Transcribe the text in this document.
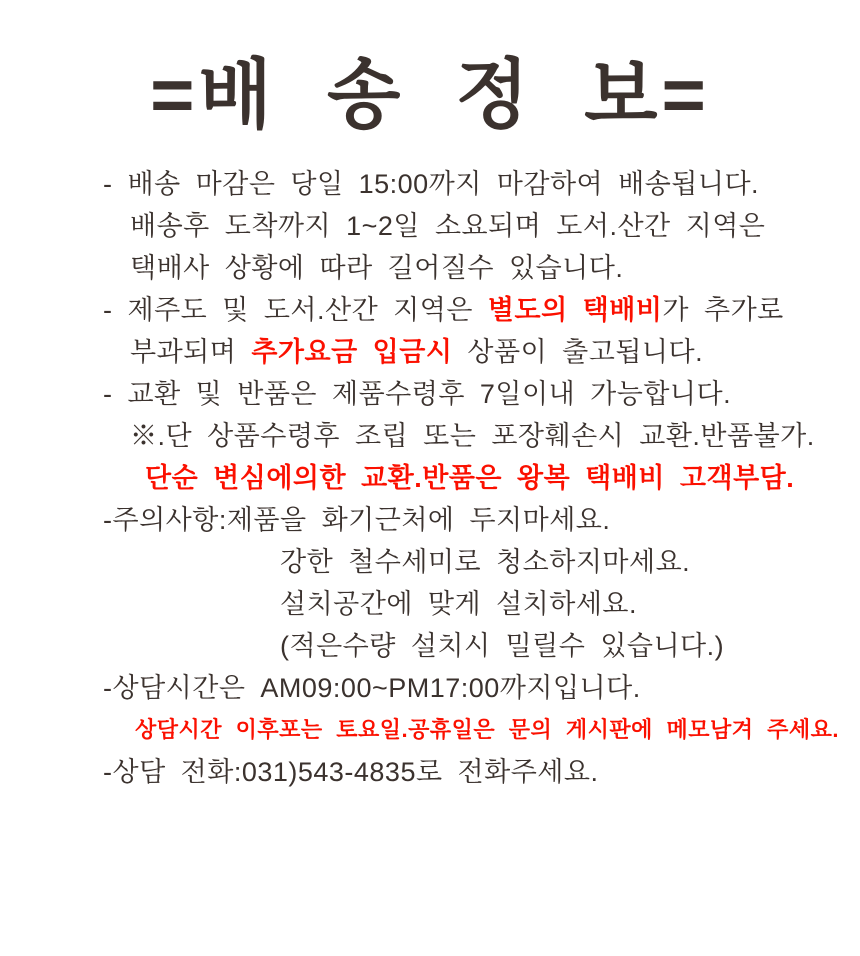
=배 송 정 보=
- 배송 마감은 당일 15:00까지 마감하여 배송됩니다.
배송후 도착까지 1~2일 소요되며 도서.산간 지역은
택배사 상황에 따라 길어질수 있습니다.
- 제주도 및 도서.산간 지역은 별도의 택배비가 추가로
부과되며 추가요금 입금시 상품이 출고됩니다.
- 교환 및 반품은 제품수령후 7일이내 가능합니다.
※.단 상품수령후 조립 또는 포장훼손시 교환.반품불가.
단순 변심에의한 교환.반품은 왕복 택배비 고객부담.
-주의사항:제품을 화기근처에 두지마세요.
강한 철수세미로 청소하지마세요.
설치공간에 맞게 설치하세요.
(적은수량 설치시 밀릴수 있습니다.)
-상담시간은 AM09:00~PM17:00까지입니다.
상담시간 이후포는 토요일.공휴일은 문의 게시판에 메모남겨 주세요.
-상담 전화:031)543-4835로 전화주세요.
